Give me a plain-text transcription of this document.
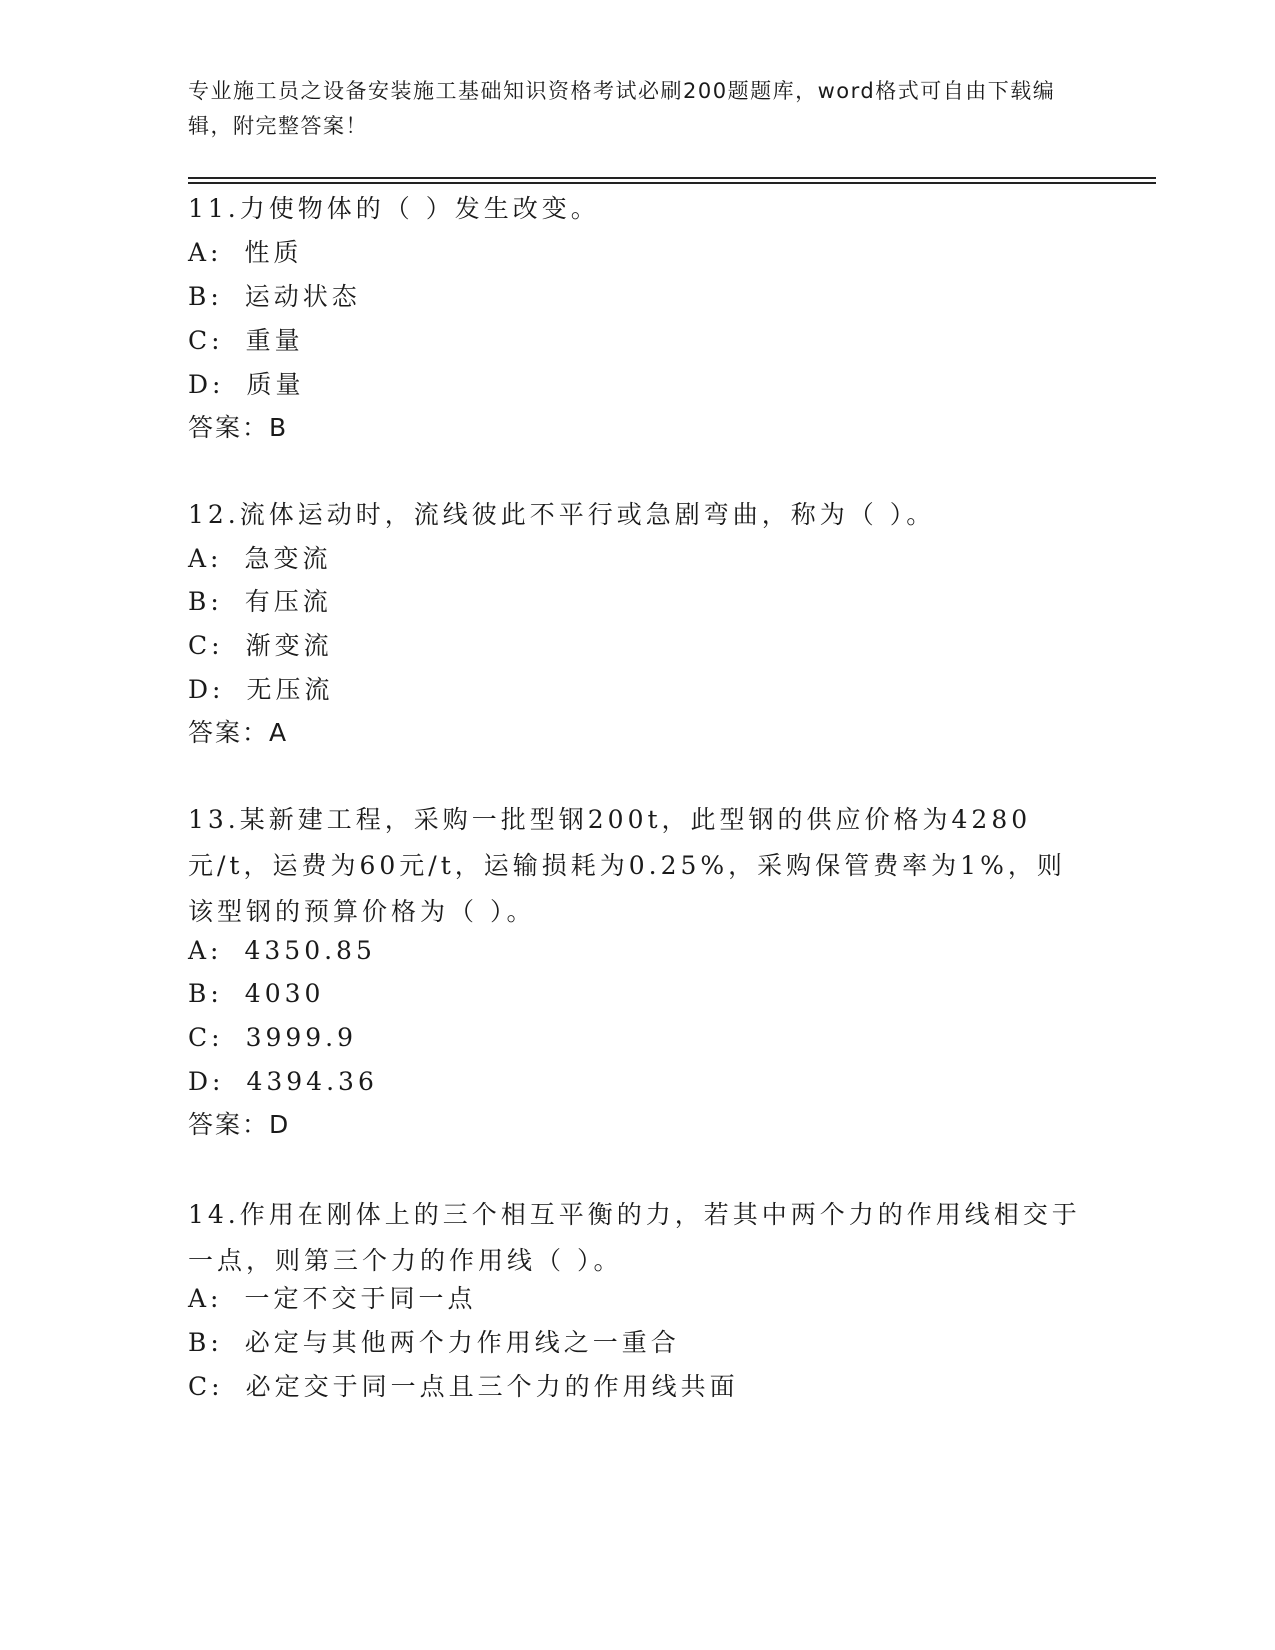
专业施工员之设备安装施工基础知识资格考试必刷200题题库，word格式可自由下载编辑，附完整答案！
11.力使物体的（ ）发生改变。
A: 性质
B: 运动状态
C: 重量
D: 质量
答案：B
12.流体运动时，流线彼此不平行或急剧弯曲，称为（ ）。
A: 急变流
B: 有压流
C: 渐变流
D: 无压流
答案：A
13.某新建工程，采购一批型钢200t，此型钢的供应价格为4280元/t，运费为60元/t，运输损耗为0.25%，采购保管费率为1%，则该型钢的预算价格为（ ）。
A: 4350.85
B: 4030
C: 3999.9
D: 4394.36
答案：D
14.作用在刚体上的三个相互平衡的力，若其中两个力的作用线相交于一点，则第三个力的作用线（ ）。
A: 一定不交于同一点
B: 必定与其他两个力作用线之一重合
C: 必定交于同一点且三个力的作用线共面
